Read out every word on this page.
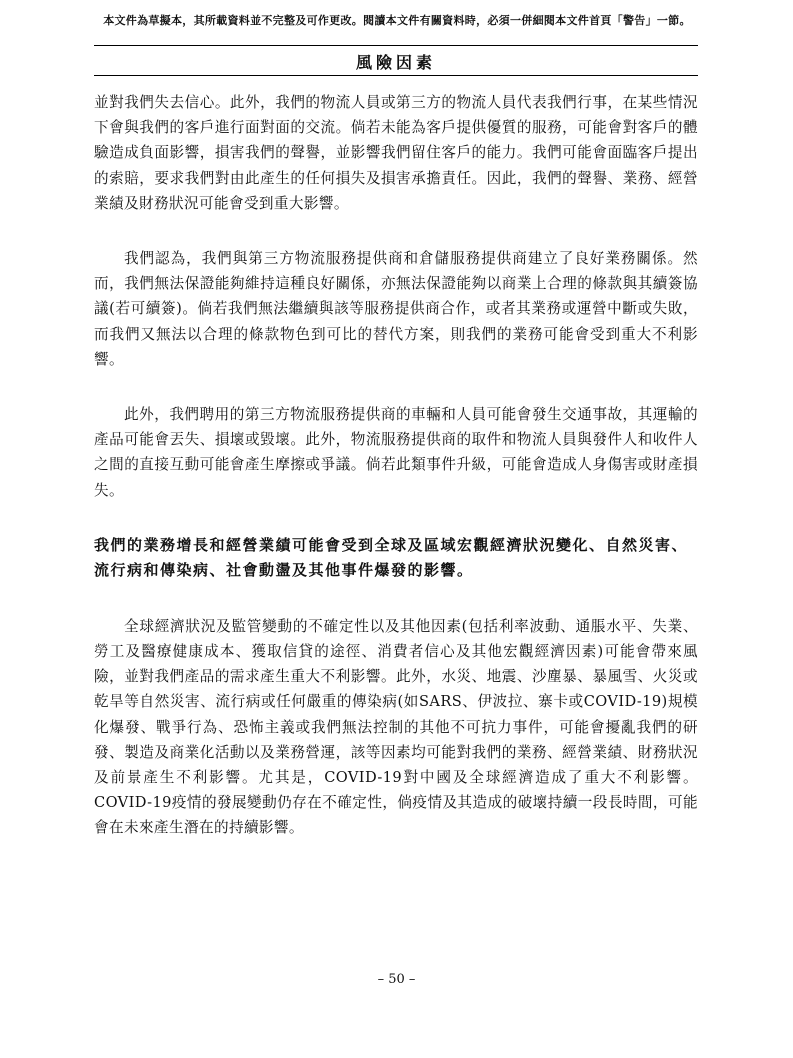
本文件為草擬本，其所載資料並不完整及可作更改。閱讀本文件有關資料時，必須一併細閱本文件首頁「警告」一節。
風險因素

並對我們失去信心。此外，我們的物流人員或第三方的物流人員代表我們行事，在某些情況下會與我們的客戶進行面對面的交流。倘若未能為客戶提供優質的服務，可能會對客戶的體驗造成負面影響，損害我們的聲譽，並影響我們留住客戶的能力。我們可能會面臨客戶提出的索賠，要求我們對由此產生的任何損失及損害承擔責任。因此，我們的聲譽、業務、經營業績及財務狀況可能會受到重大影響。

我們認為，我們與第三方物流服務提供商和倉儲服務提供商建立了良好業務關係。然而，我們無法保證能夠維持這種良好關係，亦無法保證能夠以商業上合理的條款與其續簽協議(若可續簽)。倘若我們無法繼續與該等服務提供商合作，或者其業務或運營中斷或失敗，而我們又無法以合理的條款物色到可比的替代方案，則我們的業務可能會受到重大不利影響。

此外，我們聘用的第三方物流服務提供商的車輛和人員可能會發生交通事故，其運輸的產品可能會丟失、損壞或毀壞。此外，物流服務提供商的取件和物流人員與發件人和收件人之間的直接互動可能會產生摩擦或爭議。倘若此類事件升級，可能會造成人身傷害或財產損失。

我們的業務增長和經營業績可能會受到全球及區域宏觀經濟狀況變化、自然災害、流行病和傳染病、社會動盪及其他事件爆發的影響。

全球經濟狀況及監管變動的不確定性以及其他因素(包括利率波動、通脹水平、失業、勞工及醫療健康成本、獲取信貸的途徑、消費者信心及其他宏觀經濟因素)可能會帶來風險，並對我們產品的需求產生重大不利影響。此外，水災、地震、沙塵暴、暴風雪、火災或乾旱等自然災害、流行病或任何嚴重的傳染病(如SARS、伊波拉、寨卡或COVID-19)規模化爆發、戰爭行為、恐怖主義或我們無法控制的其他不可抗力事件，可能會擾亂我們的研發、製造及商業化活動以及業務營運，該等因素均可能對我們的業務、經營業績、財務狀況及前景產生不利影響。尤其是，COVID-19對中國及全球經濟造成了重大不利影響。COVID-19疫情的發展變動仍存在不確定性，倘疫情及其造成的破壞持續一段長時間，可能會在未來產生潛在的持續影響。

– 50 –
